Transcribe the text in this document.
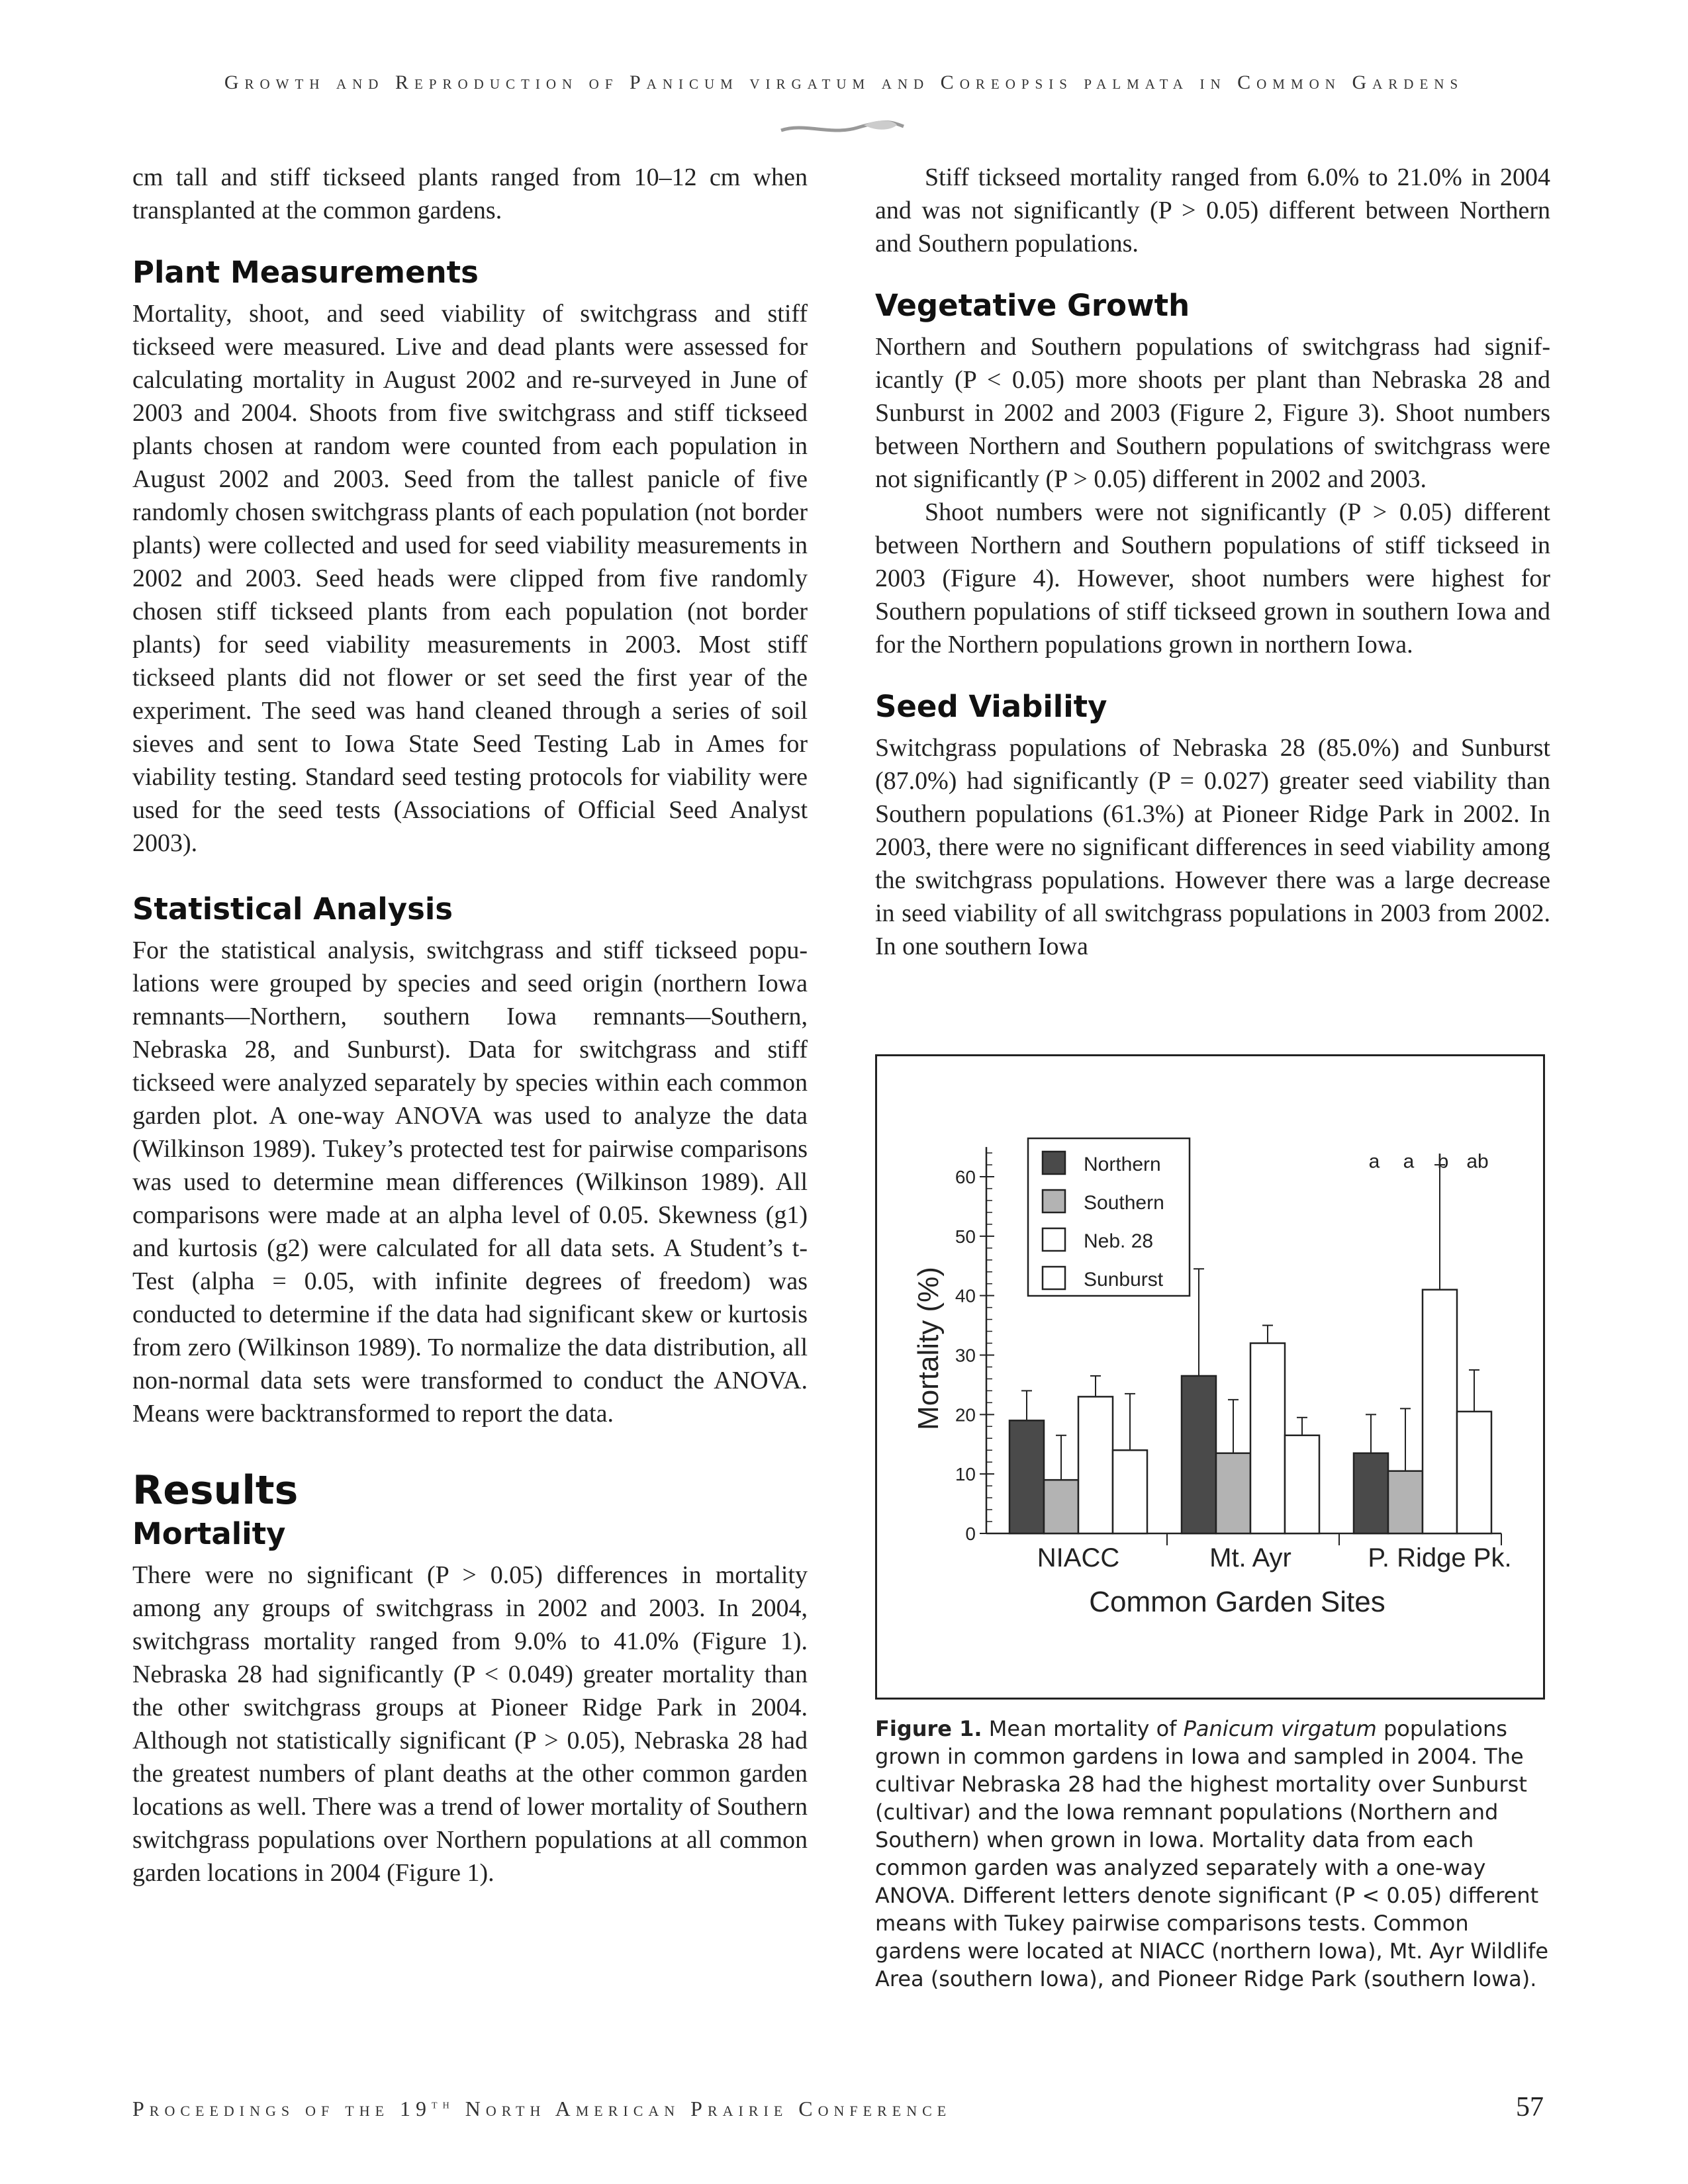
Growth and Reproduction of Panicum virgatum and Coreopsis palmata in Common Gardens

cm tall and stiff tickseed plants ranged from 10–12 cm when transplanted at the common gardens.

Plant Measurements

Mortality, shoot, and seed viability of switchgrass and stiff tickseed were measured. Live and dead plants were assessed for calculating mortality in August 2002 and re-surveyed in June of 2003 and 2004. Shoots from five switchgrass and stiff tickseed plants chosen at random were counted from each population in August 2002 and 2003. Seed from the tallest panicle of five randomly chosen switchgrass plants of each population (not border plants) were collected and used for seed viability measurements in 2002 and 2003. Seed heads were clipped from five randomly chosen stiff tickseed plants from each population (not border plants) for seed viability measurements in 2003. Most stiff tickseed plants did not flower or set seed the first year of the experiment. The seed was hand cleaned through a series of soil sieves and sent to Iowa State Seed Testing Lab in Ames for viability testing. Standard seed testing protocols for viability were used for the seed tests (Associations of Official Seed Analyst 2003).

Statistical Analysis

For the statistical analysis, switchgrass and stiff tickseed populations were grouped by species and seed origin (northern Iowa remnants—Northern, southern Iowa remnants—Southern, Nebraska 28, and Sunburst). Data for switchgrass and stiff tickseed were analyzed separately by species within each common garden plot. A one-way ANOVA was used to analyze the data (Wilkinson 1989). Tukey’s protected test for pairwise comparisons was used to determine mean differences (Wilkinson 1989). All comparisons were made at an alpha level of 0.05. Skewness (g1) and kurtosis (g2) were calculated for all data sets. A Student’s t-Test (alpha = 0.05, with infinite degrees of freedom) was conducted to determine if the data had significant skew or kurtosis from zero (Wilkinson 1989). To normalize the data distribution, all non-normal data sets were transformed to conduct the ANOVA. Means were backtransformed to report the data.

Results
Mortality

There were no significant (P > 0.05) differences in mortality among any groups of switchgrass in 2002 and 2003. In 2004, switchgrass mortality ranged from 9.0% to 41.0% (Figure 1). Nebraska 28 had significantly (P < 0.049) greater mortality than the other switchgrass groups at Pioneer Ridge Park in 2004. Although not statistically significant (P > 0.05), Nebraska 28 had the greatest numbers of plant deaths at the other common garden locations as well. There was a trend of lower mortality of Southern switchgrass populations over Northern populations at all common garden locations in 2004 (Figure 1).

Stiff tickseed mortality ranged from 6.0% to 21.0% in 2004 and was not significantly (P > 0.05) different between Northern and Southern populations.

Vegetative Growth

Northern and Southern populations of switchgrass had significantly (P < 0.05) more shoots per plant than Nebraska 28 and Sunburst in 2002 and 2003 (Figure 2, Figure 3). Shoot numbers between Northern and Southern populations of switchgrass were not significantly (P > 0.05) different in 2002 and 2003.

Shoot numbers were not significantly (P > 0.05) different between Northern and Southern populations of stiff tickseed in 2003 (Figure 4). However, shoot numbers were highest for Southern populations of stiff tickseed grown in southern Iowa and for the Northern populations grown in northern Iowa.

Seed Viability

Switchgrass populations of Nebraska 28 (85.0%) and Sunburst (87.0%) had significantly (P = 0.027) greater seed viability than Southern populations (61.3%) at Pioneer Ridge Park in 2002. In 2003, there were no significant differences in seed viability among the switchgrass populations. However there was a large decrease in seed viability of all switchgrass populations in 2003 from 2002. In one southern Iowa

0
10
20
30
40
50
60
Mortality (%)
NIACC	Mt. Ayr	P. Ridge Pk.
Common Garden Sites
a a b ab
Northern
Southern
Neb. 28
Sunburst
Figure 1. Mean mortality of Panicum virgatum populations grown in common gardens in Iowa and sampled in 2004. The cultivar Nebraska 28 had the highest mortality over Sunburst (cultivar) and the Iowa remnant populations (Northern and Southern) when grown in Iowa. Mortality data from each common garden was analyzed separately with a one-way ANOVA. Different letters denote significant (P < 0.05) different means with Tukey pairwise comparisons tests. Common gardens were located at NIACC (northern Iowa), Mt. Ayr Wildlife Area (southern Iowa), and Pioneer Ridge Park (southern Iowa).
Proceedings of the 19th North American Prairie Conference	57
